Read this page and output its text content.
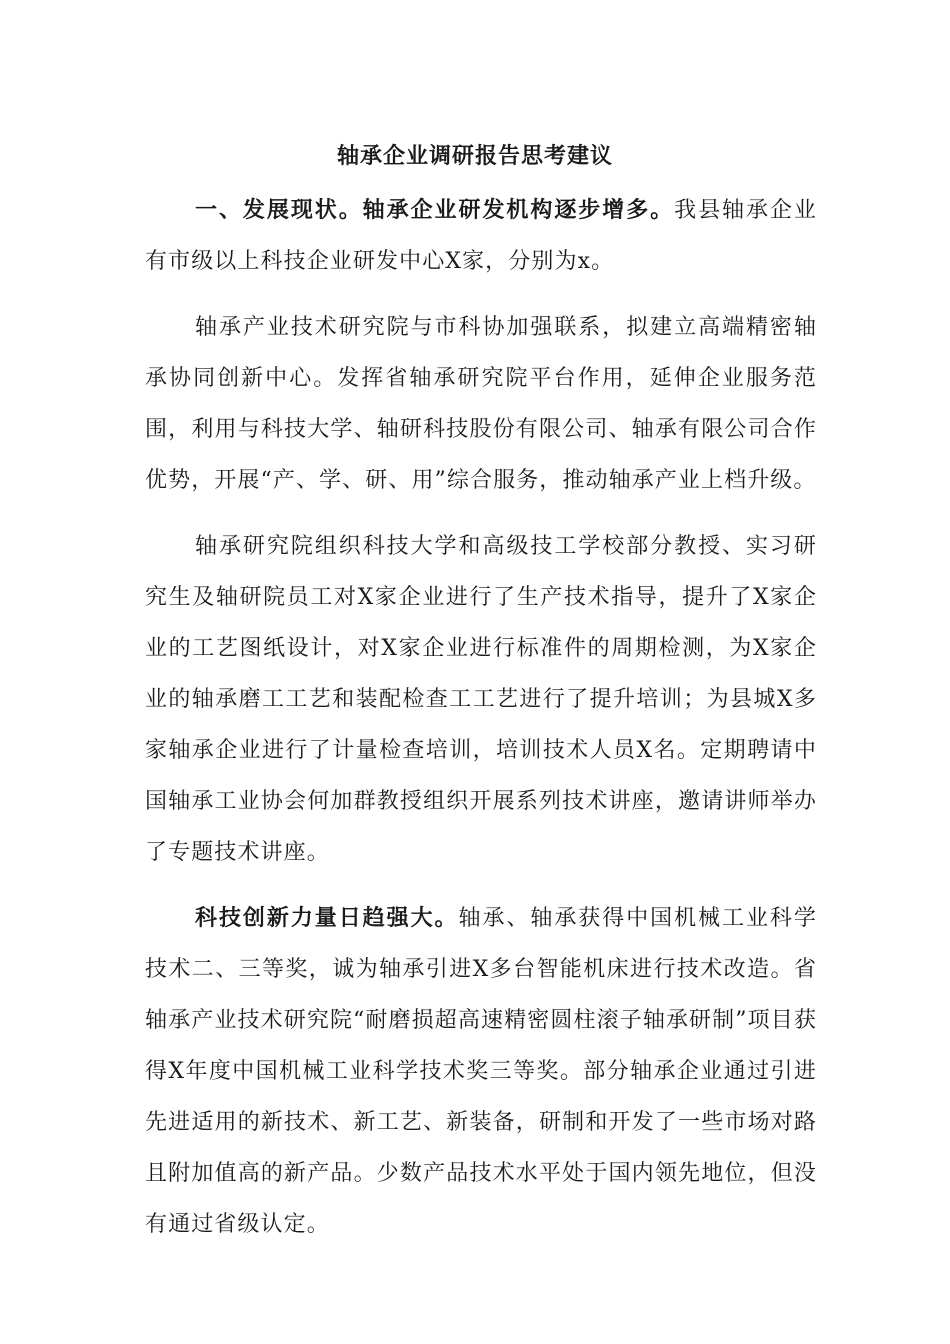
轴承企业调研报告思考建议

一、发展现状。轴承企业研发机构逐步增多。我县轴承企业有市级以上科技企业研发中心X家，分别为x。

轴承产业技术研究院与市科协加强联系，拟建立高端精密轴承协同创新中心。发挥省轴承研究院平台作用，延伸企业服务范围，利用与科技大学、轴研科技股份有限公司、轴承有限公司合作优势，开展“产、学、研、用”综合服务，推动轴承产业上档升级。

轴承研究院组织科技大学和高级技工学校部分教授、实习研究生及轴研院员工对X家企业进行了生产技术指导，提升了X家企业的工艺图纸设计，对X家企业进行标准件的周期检测，为X家企业的轴承磨工工艺和装配检查工工艺进行了提升培训；为县城X多家轴承企业进行了计量检查培训，培训技术人员X名。定期聘请中国轴承工业协会何加群教授组织开展系列技术讲座，邀请讲师举办了专题技术讲座。

科技创新力量日趋强大。轴承、轴承获得中国机械工业科学技术二、三等奖，诚为轴承引进X多台智能机床进行技术改造。省轴承产业技术研究院“耐磨损超高速精密圆柱滚子轴承研制”项目获得X年度中国机械工业科学技术奖三等奖。部分轴承企业通过引进先进适用的新技术、新工艺、新装备，研制和开发了一些市场对路且附加值高的新产品。少数产品技术水平处于国内领先地位，但没有通过省级认定。
